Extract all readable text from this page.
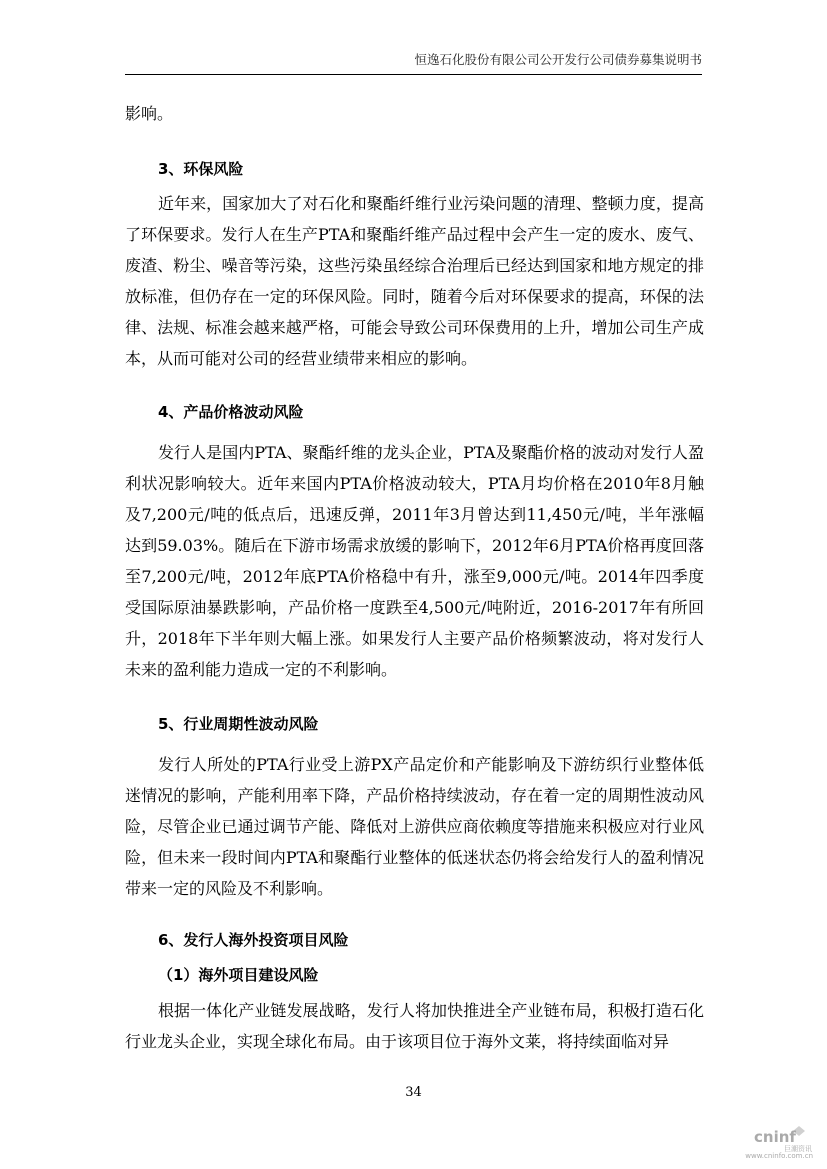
恒逸石化股份有限公司公开发行公司债券募集说明书
影响。
3、环保风险
近年来，国家加大了对石化和聚酯纤维行业污染问题的清理、整顿力度，提高了环保要求。发行人在生产PTA和聚酯纤维产品过程中会产生一定的废水、废气、废渣、粉尘、噪音等污染，这些污染虽经综合治理后已经达到国家和地方规定的排放标准，但仍存在一定的环保风险。同时，随着今后对环保要求的提高，环保的法律、法规、标准会越来越严格，可能会导致公司环保费用的上升，增加公司生产成本，从而可能对公司的经营业绩带来相应的影响。
4、产品价格波动风险
发行人是国内PTA、聚酯纤维的龙头企业，PTA及聚酯价格的波动对发行人盈利状况影响较大。近年来国内PTA价格波动较大，PTA月均价格在2010年8月触及7,200元/吨的低点后，迅速反弹，2011年3月曾达到11,450元/吨，半年涨幅达到59.03%。随后在下游市场需求放缓的影响下，2012年6月PTA价格再度回落至7,200元/吨，2012年底PTA价格稳中有升，涨至9,000元/吨。2014年四季度受国际原油暴跌影响，产品价格一度跌至4,500元/吨附近，2016-2017年有所回升，2018年下半年则大幅上涨。如果发行人主要产品价格频繁波动，将对发行人未来的盈利能力造成一定的不利影响。
5、行业周期性波动风险
发行人所处的PTA行业受上游PX产品定价和产能影响及下游纺织行业整体低迷情况的影响，产能利用率下降，产品价格持续波动，存在着一定的周期性波动风险，尽管企业已通过调节产能、降低对上游供应商依赖度等措施来积极应对行业风险，但未来一段时间内PTA和聚酯行业整体的低迷状态仍将会给发行人的盈利情况带来一定的风险及不利影响。
6、发行人海外投资项目风险
（1）海外项目建设风险
根据一体化产业链发展战略，发行人将加快推进全产业链布局，积极打造石化行业龙头企业，实现全球化布局。由于该项目位于海外文莱，将持续面临对异
34
cninf
巨潮资讯
www.cninfo.com.cn
